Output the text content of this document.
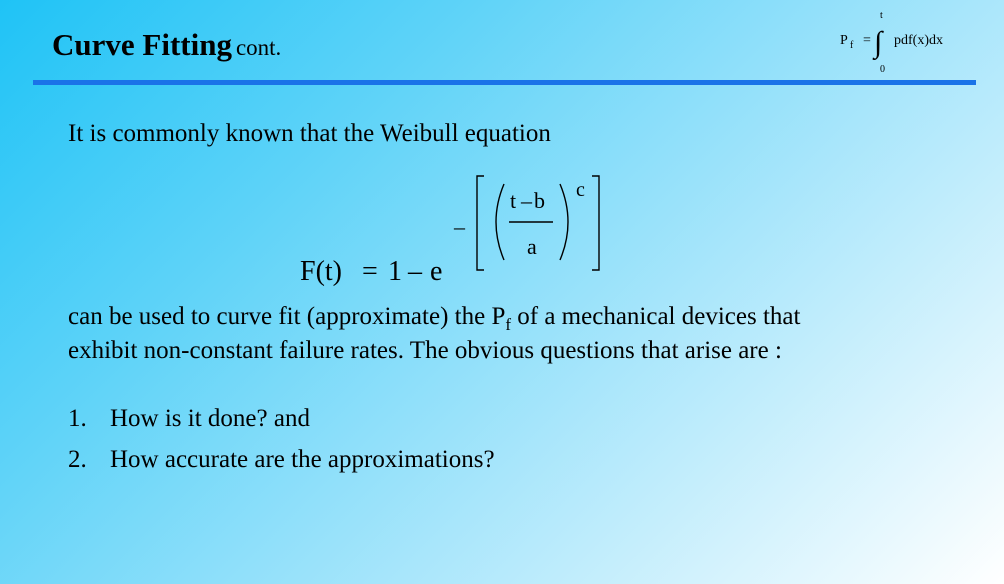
Curve Fitting cont.	P f =
t
∫
0
pdf(x)dx
It is commonly known that the Weibull equation
F(t) = 1 – e
–
t – b
a
c
can be used to curve fit (approximate) the $P_f$ of a mechanical devices that
exhibit non-constant failure rates. The obvious questions that arise are :
1. How is it done? and
2. How accurate are the approximations?
